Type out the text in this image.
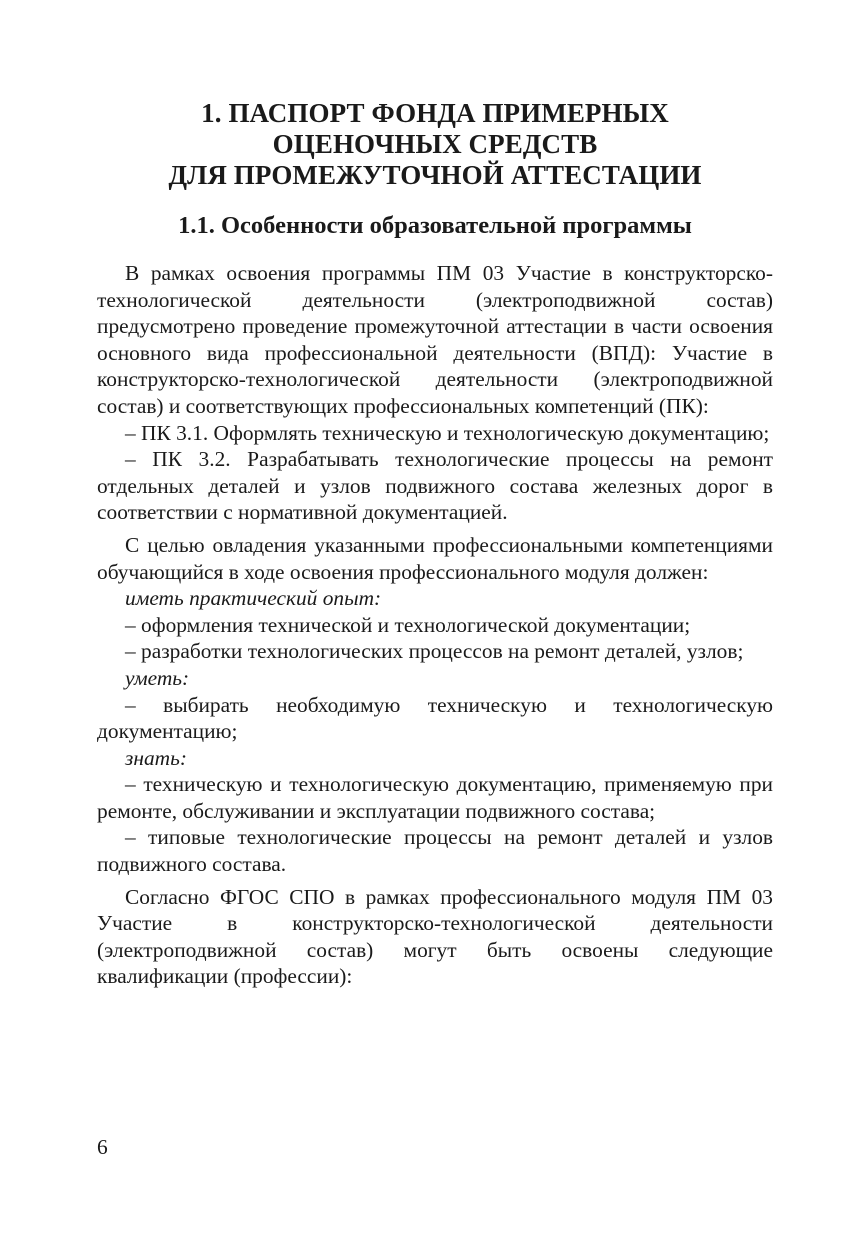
1. ПАСПОРТ ФОНДА ПРИМЕРНЫХ
ОЦЕНОЧНЫХ СРЕДСТВ
ДЛЯ ПРОМЕЖУТОЧНОЙ АТТЕСТАЦИИ
1.1. Особенности образовательной программы

В рамках освоения программы ПМ 03 Участие в конструкторско-технологической деятельности (электроподвижной состав) предусмотрено проведение промежуточной аттестации в части освоения основного вида профессиональной деятельности (ВПД): Участие в конструкторско-технологической деятельности (электроподвижной состав) и соответствующих профессиональных компетенций (ПК):

– ПК 3.1. Оформлять техническую и технологическую документацию;

– ПК 3.2. Разрабатывать технологические процессы на ремонт отдельных деталей и узлов подвижного состава железных дорог в соответствии с нормативной документацией.

С целью овладения указанными профессиональными компетенциями обучающийся в ходе освоения профессионального модуля должен:

иметь практический опыт:

– оформления технической и технологической документации;

– разработки технологических процессов на ремонт деталей, узлов;

уметь:

– выбирать необходимую техническую и технологическую документацию;

знать:

– техническую и технологическую документацию, применяемую при ремонте, обслуживании и эксплуатации подвижного состава;

– типовые технологические процессы на ремонт деталей и узлов подвижного состава.

Согласно ФГОС СПО в рамках профессионального модуля ПМ 03 Участие в конструкторско-технологической деятельности (электроподвижной состав) могут быть освоены следующие квалификации (профессии):

6
